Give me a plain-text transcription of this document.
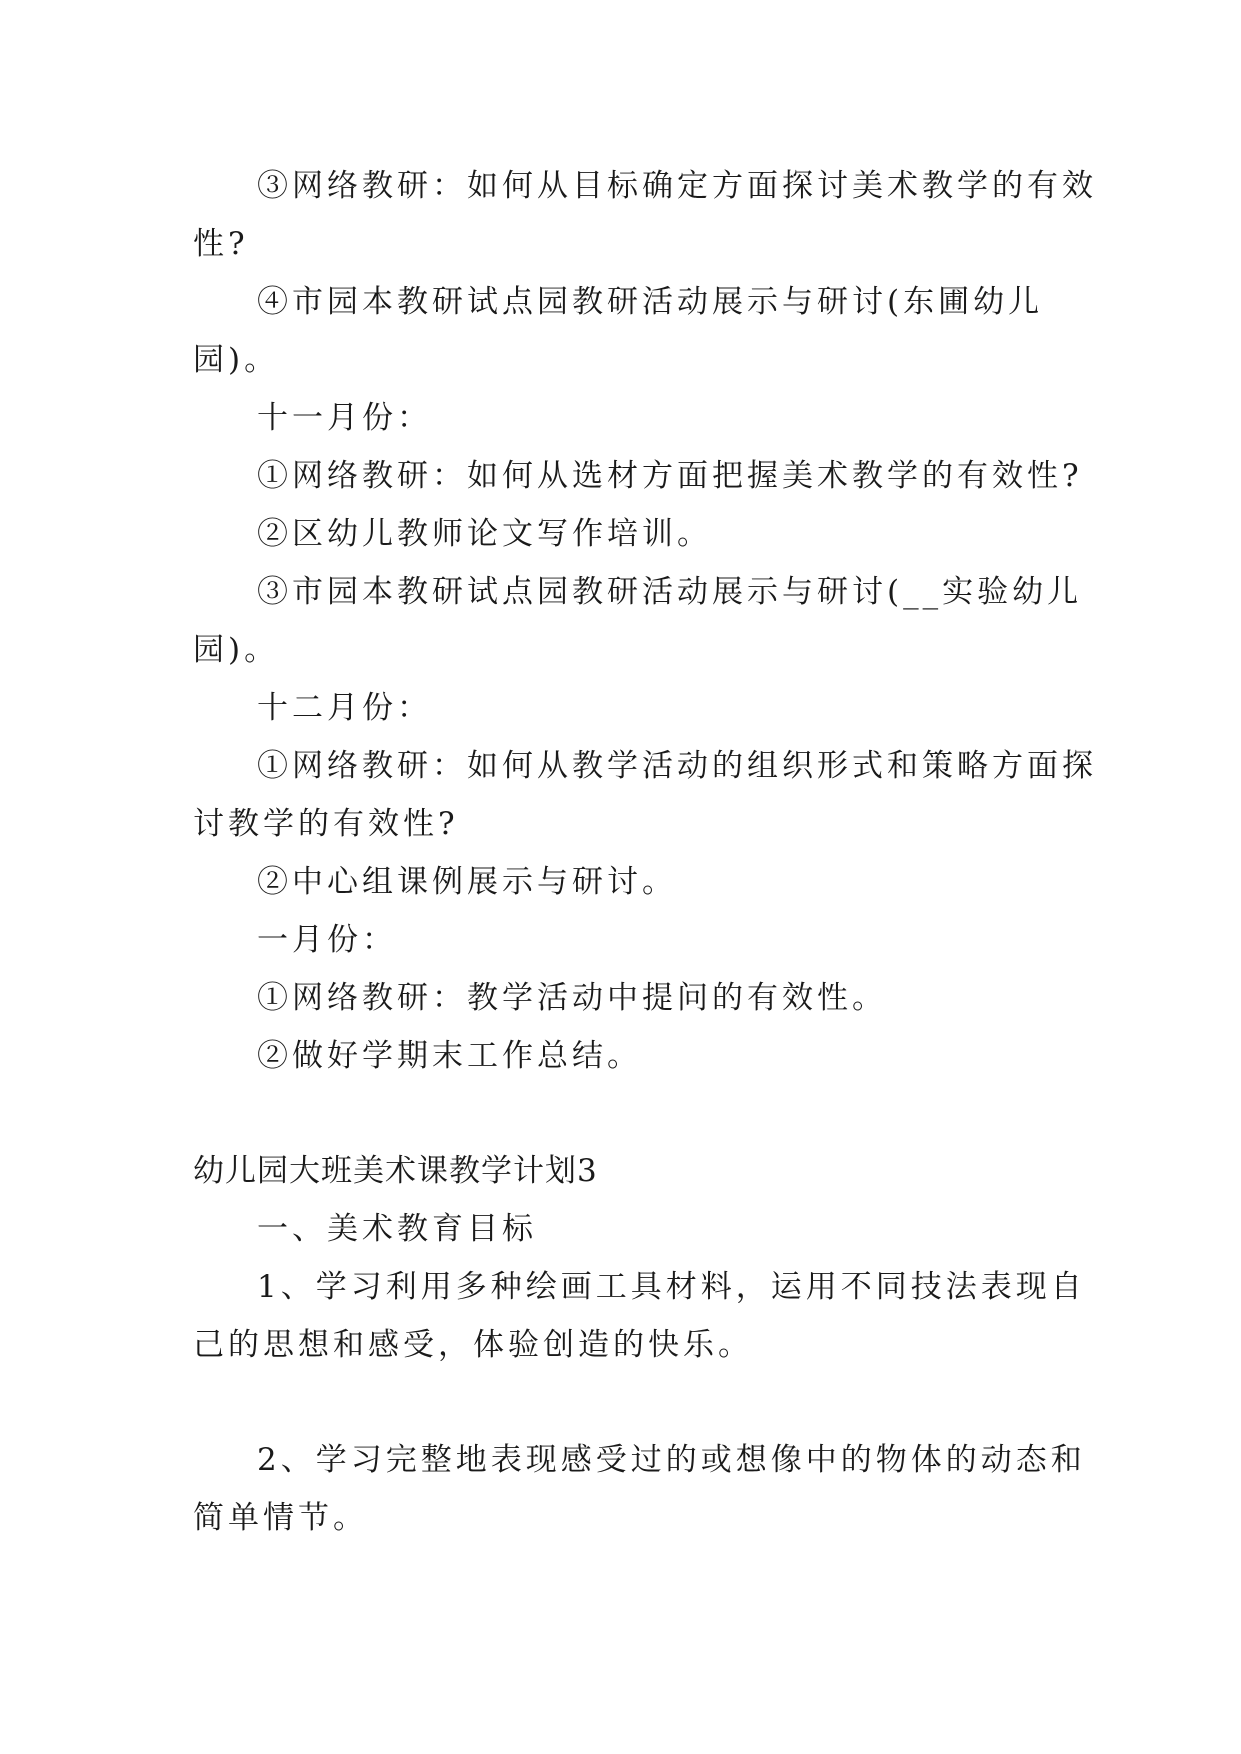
③网络教研：如何从目标确定方面探讨美术教学的有效
性?
④市园本教研试点园教研活动展示与研讨(东圃幼儿
园)。
十一月份：
①网络教研：如何从选材方面把握美术教学的有效性?
②区幼儿教师论文写作培训。
③市园本教研试点园教研活动展示与研讨(__实验幼儿
园)。
十二月份：
①网络教研：如何从教学活动的组织形式和策略方面探
讨教学的有效性?
②中心组课例展示与研讨。
一月份：
①网络教研：教学活动中提问的有效性。
②做好学期末工作总结。
幼儿园大班美术课教学计划3
一、美术教育目标
1、学习利用多种绘画工具材料，运用不同技法表现自
己的思想和感受，体验创造的快乐。
2、学习完整地表现感受过的或想像中的物体的动态和
简单情节。
